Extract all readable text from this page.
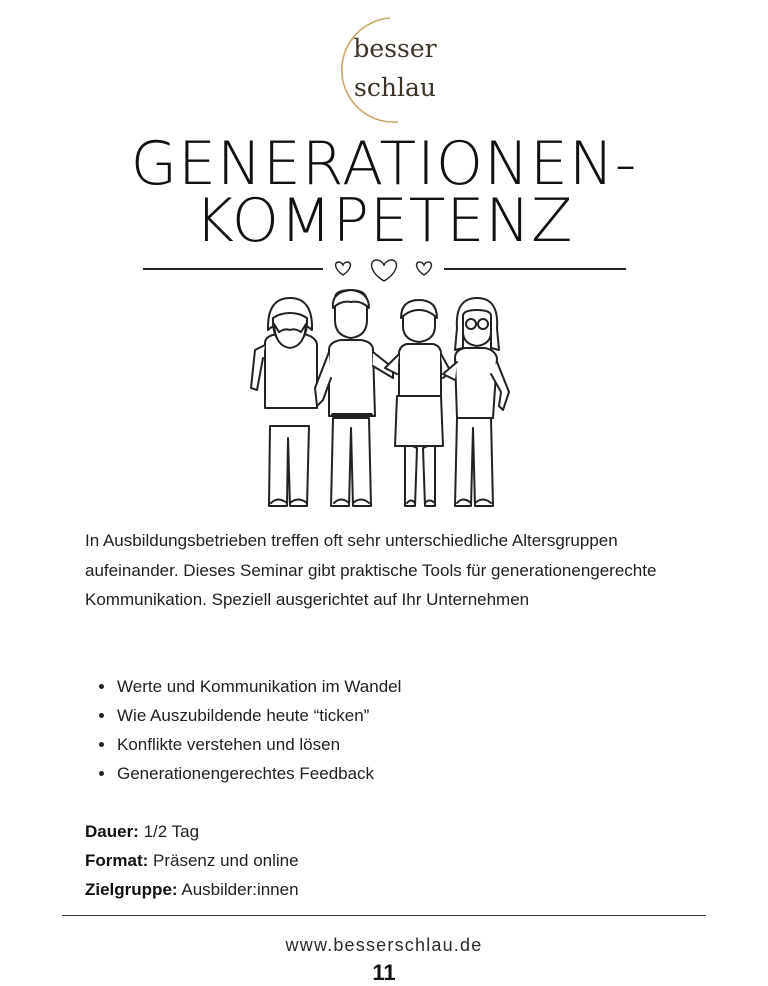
besser
schlau
GENERATIONEN-
KOMPETENZ
In Ausbildungsbetrieben treffen oft sehr unterschiedliche Altersgruppen aufeinander. Dieses Seminar gibt praktische Tools für generationengerechte Kommunikation. Speziell ausgerichtet auf Ihr Unternehmen
Werte und Kommunikation im Wandel
Wie Auszubildende heute “ticken”
Konflikte verstehen und lösen
Generationengerechtes Feedback
Dauer: 1/2 Tag
Format: Präsenz und online
Zielgruppe: Ausbilder:innen
www.besserschlau.de
11
